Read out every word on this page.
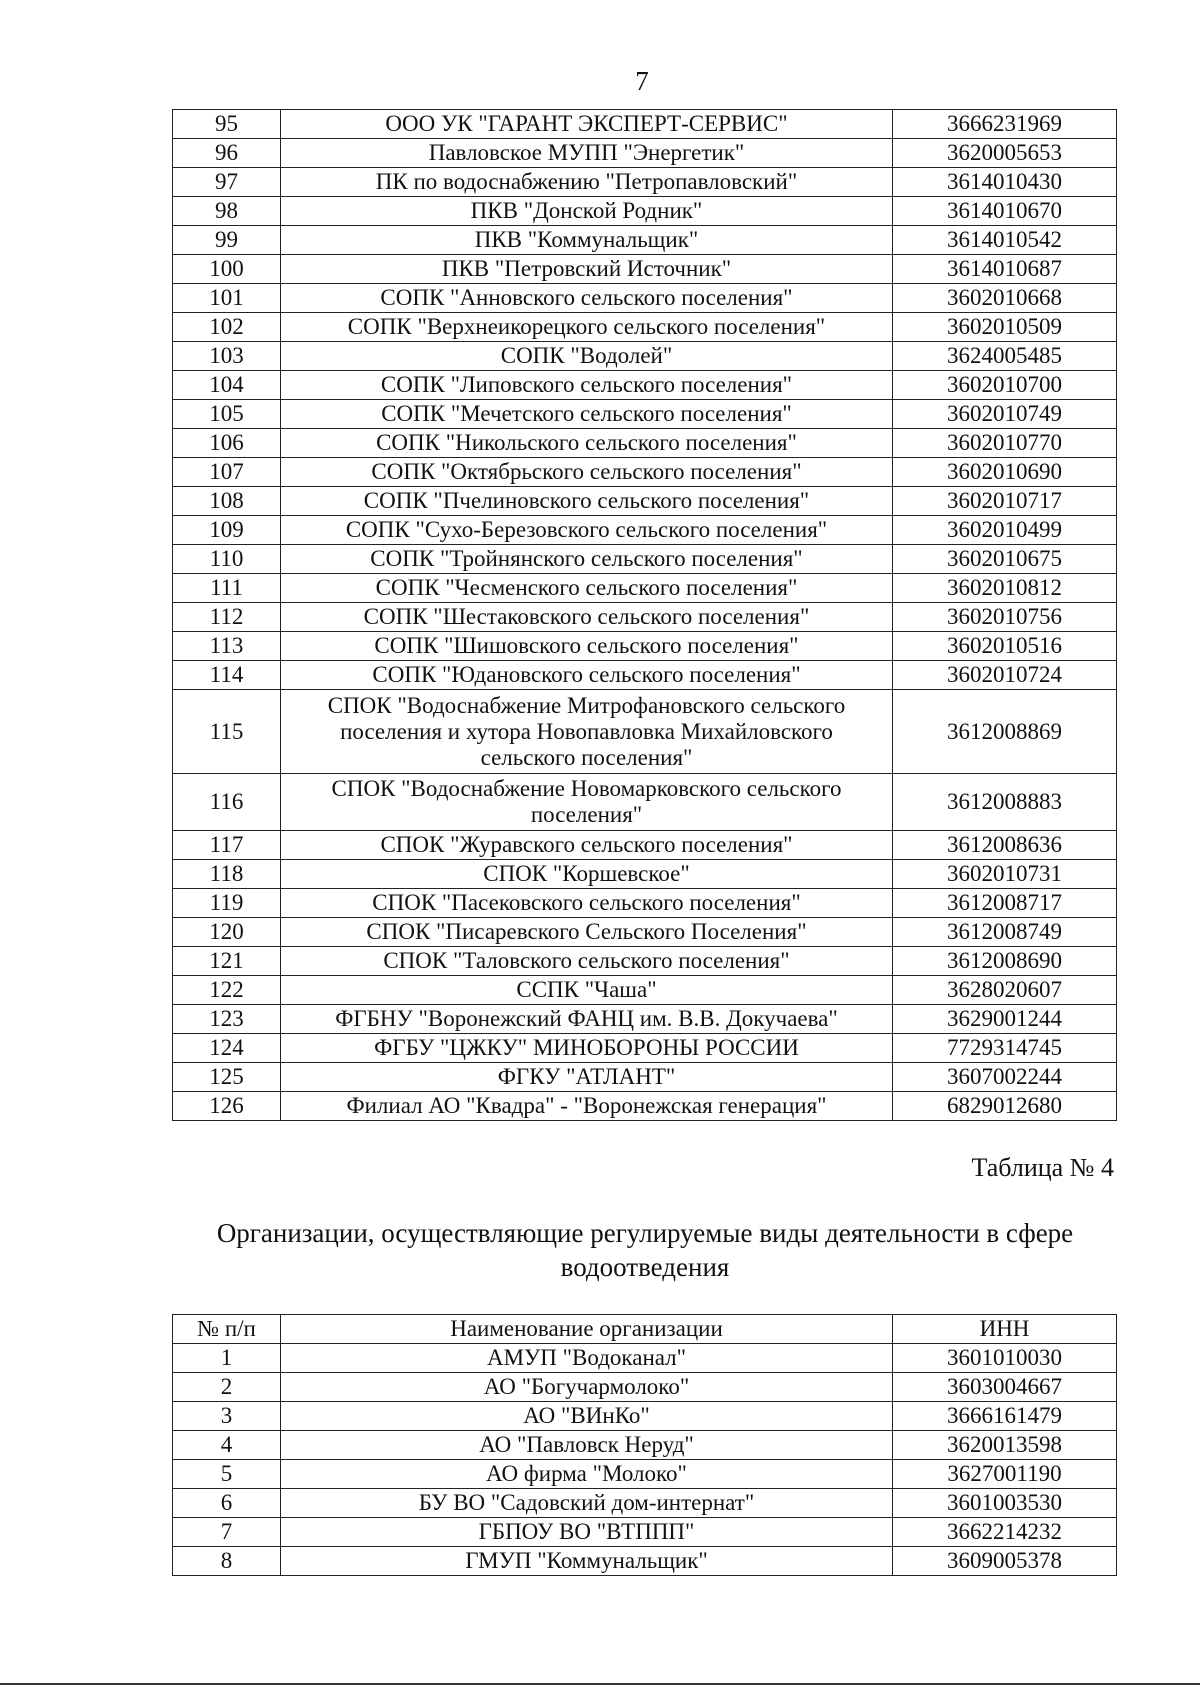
7
95	ООО УК "ГАРАНТ ЭКСПЕРТ-СЕРВИС"	3666231969
96	Павловское МУПП "Энергетик"	3620005653
97	ПК по водоснабжению "Петропавловский"	3614010430
98	ПКВ "Донской Родник"	3614010670
99	ПКВ "Коммунальщик"	3614010542
100	ПКВ "Петровский Источник"	3614010687
101	СОПК "Анновского сельского поселения"	3602010668
102	СОПК "Верхнеикорецкого сельского поселения"	3602010509
103	СОПК "Водолей"	3624005485
104	СОПК "Липовского сельского поселения"	3602010700
105	СОПК "Мечетского сельского поселения"	3602010749
106	СОПК "Никольского сельского поселения"	3602010770
107	СОПК "Октябрьского сельского поселения"	3602010690
108	СОПК "Пчелиновского сельского поселения"	3602010717
109	СОПК "Сухо-Березовского сельского поселения"	3602010499
110	СОПК "Тройнянского сельского поселения"	3602010675
111	СОПК "Чесменского сельского поселения"	3602010812
112	СОПК "Шестаковского сельского поселения"	3602010756
113	СОПК "Шишовского сельского поселения"	3602010516
114	СОПК "Юдановского сельского поселения"	3602010724
115	СПОК "Водоснабжение Митрофановского сельского
поселения и хутора Новопавловка Михайловского
сельского поселения"	3612008869
116	СПОК "Водоснабжение Новомарковского сельского
поселения"	3612008883
117	СПОК "Журавского сельского поселения"	3612008636
118	СПОК "Коршевское"	3602010731
119	СПОК "Пасековского сельского поселения"	3612008717
120	СПОК "Писаревского Сельского Поселения"	3612008749
121	СПОК "Таловского сельского поселения"	3612008690
122	ССПК "Чаша"	3628020607
123	ФГБНУ "Воронежский ФАНЦ им. В.В. Докучаева"	3629001244
124	ФГБУ "ЦЖКУ" МИНОБОРОНЫ РОССИИ	7729314745
125	ФГКУ "АТЛАНТ"	3607002244
126	Филиал АО "Квадра" - "Воронежская генерация"	6829012680
Таблица № 4
Организации, осуществляющие регулируемые виды деятельности в сфере
водоотведения
№ п/п	Наименование организации	ИНН
1	АМУП "Водоканал"	3601010030
2	АО "Богучармолоко"	3603004667
3	АО "ВИнКо"	3666161479
4	АО "Павловск Неруд"	3620013598
5	АО фирма "Молоко"	3627001190
6	БУ ВО "Садовский дом-интернат"	3601003530
7	ГБПОУ ВО "ВТППП"	3662214232
8	ГМУП "Коммунальщик"	3609005378
